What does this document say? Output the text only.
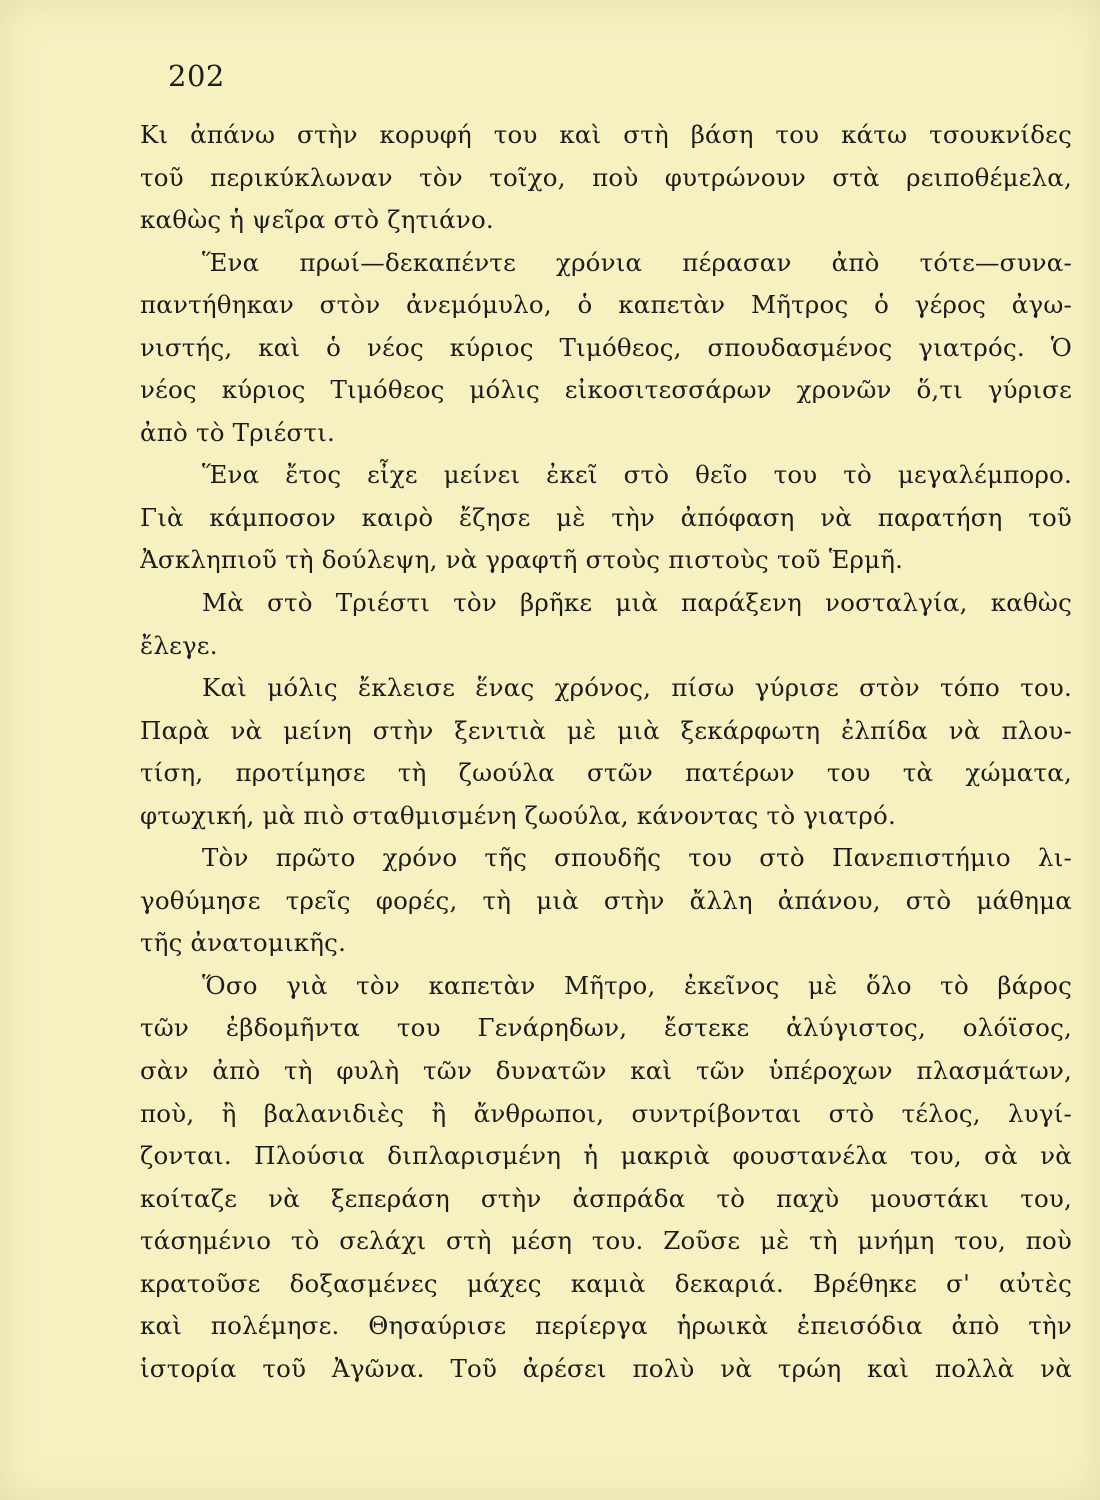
202
Κι ἀπάνω στὴν κορυφή του καὶ στὴ βάση του κάτω τσουκνίδες
τοῦ περικύκλωναν τὸν τοῖχο, ποὺ φυτρώνουν στὰ ρειποθέμελα,
καθὼς ἡ ψεῖρα στὸ ζητιάνο.
Ἕνα πρωί—δεκαπέντε χρόνια πέρασαν ἀπὸ τότε—συνα-
παντήθηκαν στὸν ἀνεμόμυλο, ὁ καπετὰν Μῆτρος ὁ γέρος ἀγω-
νιστής, καὶ ὁ νέος κύριος Τιμόθεος, σπουδασμένος γιατρός. Ὁ
νέος κύριος Τιμόθεος μόλις εἰκοσιτεσσάρων χρονῶν ὅ,τι γύρισε
ἀπὸ τὸ Τριέστι.
Ἕνα ἔτος εἶχε μείνει ἐκεῖ στὸ θεῖο του τὸ μεγαλέμπορο.
Γιὰ κάμποσον καιρὸ ἔζησε μὲ τὴν ἀπόφαση νὰ παρατήση τοῦ
Ἀσκληπιοῦ τὴ δούλεψη, νὰ γραφτῆ στοὺς πιστοὺς τοῦ Ἑρμῆ.
Μὰ στὸ Τριέστι τὸν βρῆκε μιὰ παράξενη νοσταλγία, καθὼς
ἔλεγε.
Καὶ μόλις ἔκλεισε ἕνας χρόνος, πίσω γύρισε στὸν τόπο του.
Παρὰ νὰ μείνη στὴν ξενιτιὰ μὲ μιὰ ξεκάρφωτη ἐλπίδα νὰ πλου-
τίση, προτίμησε τὴ ζωούλα στῶν πατέρων του τὰ χώματα,
φτωχική, μὰ πιὸ σταθμισμένη ζωούλα, κάνοντας τὸ γιατρό.
Τὸν πρῶτο χρόνο τῆς σπουδῆς του στὸ Πανεπιστήμιο λι-
γοθύμησε τρεῖς φορές, τὴ μιὰ στὴν ἄλλη ἀπάνου, στὸ μάθημα
τῆς ἀνατομικῆς.
Ὅσο γιὰ τὸν καπετὰν Μῆτρο, ἐκεῖνος μὲ ὅλο τὸ βάρος
τῶν ἐβδομῆντα του Γενάρηδων, ἔστεκε ἀλύγιστος, ολόϊσος,
σὰν ἀπὸ τὴ φυλὴ τῶν δυνατῶν καὶ τῶν ὑπέροχων πλασμάτων,
ποὺ, ἢ βαλανιδιὲς ἢ ἄνθρωποι, συντρίβονται στὸ τέλος, λυγί-
ζονται. Πλούσια διπλαρισμένη ἡ μακριὰ φουστανέλα του, σὰ νὰ
κοίταζε νὰ ξεπεράση στὴν ἀσπράδα τὸ παχὺ μουστάκι του,
τάσημένιο τὸ σελάχι στὴ μέση του. Ζοῦσε μὲ τὴ μνήμη του, ποὺ
κρατοῦσε δοξασμένες μάχες καμιὰ δεκαριά. Βρέθηκε σ' αὐτὲς
καὶ πολέμησε. Θησαύρισε περίεργα ἡρωικὰ ἐπεισόδια ἀπὸ τὴν
ἱστορία τοῦ Ἀγῶνα. Τοῦ ἀρέσει πολὺ νὰ τρώη καὶ πολλὰ νὰ
